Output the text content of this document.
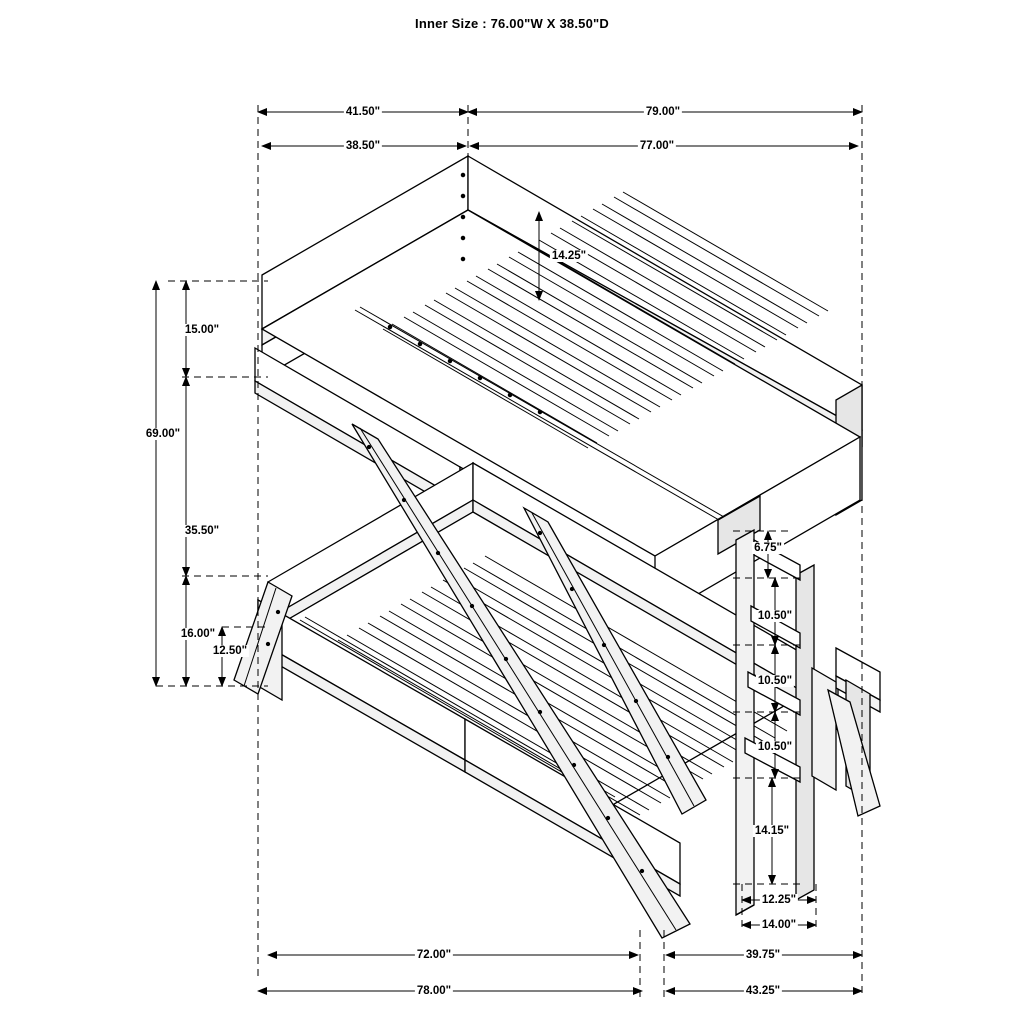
Inner Size : 76.00"W X 38.50"D
41.50"	79.00"
38.50"	77.00"
14.25"
6.75"
10.50"
10.50"
10.50"
14.15"
12.25"
14.00"
15.00"
69.00"
35.50"
16.00"
12.50"
72.00"	39.75"
78.00"	43.25"
